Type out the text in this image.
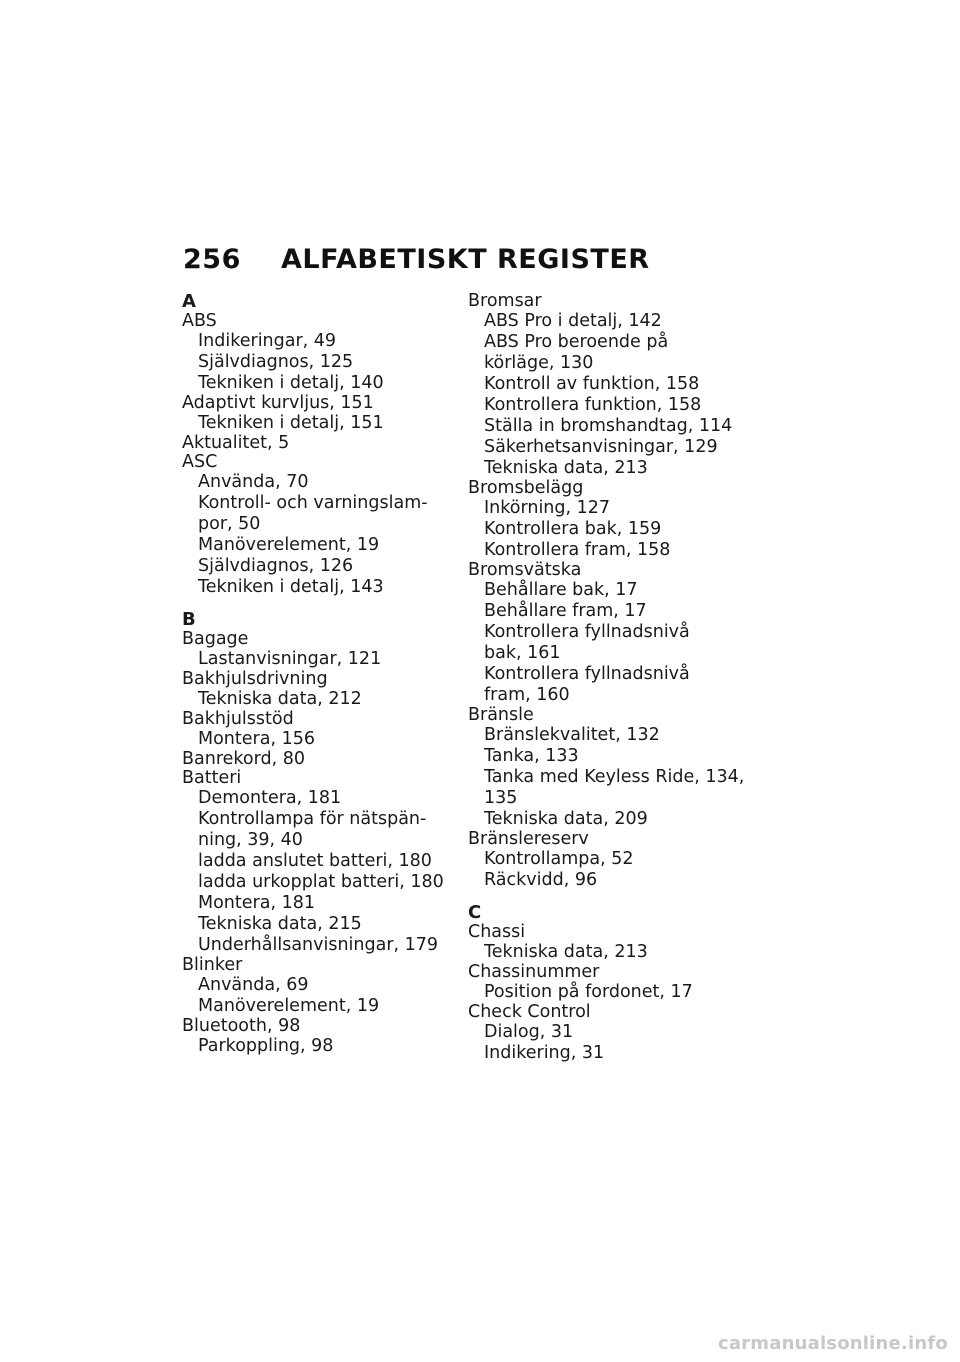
256	ALFABETISKT REGISTER
A
ABS
Indikeringar, 49
Självdiagnos, 125
Tekniken i detalj, 140
Adaptivt kurvljus, 151
Tekniken i detalj, 151
Aktualitet, 5
ASC
Använda, 70
Kontroll- och varningslam-
por, 50
Manöverelement, 19
Självdiagnos, 126
Tekniken i detalj, 143
B
Bagage
Lastanvisningar, 121
Bakhjulsdrivning
Tekniska data, 212
Bakhjulsstöd
Montera, 156
Banrekord, 80
Batteri
Demontera, 181
Kontrollampa för nätspän-
ning, 39, 40
ladda anslutet batteri, 180
ladda urkopplat batteri, 180
Montera, 181
Tekniska data, 215
Underhållsanvisningar, 179
Blinker
Använda, 69
Manöverelement, 19
Bluetooth, 98
Parkoppling, 98
Bromsar
ABS Pro i detalj, 142
ABS Pro beroende på
körläge, 130
Kontroll av funktion, 158
Kontrollera funktion, 158
Ställa in bromshandtag, 114
Säkerhetsanvisningar, 129
Tekniska data, 213
Bromsbelägg
Inkörning, 127
Kontrollera bak, 159
Kontrollera fram, 158
Bromsvätska
Behållare bak, 17
Behållare fram, 17
Kontrollera fyllnadsnivå
bak, 161
Kontrollera fyllnadsnivå
fram, 160
Bränsle
Bränslekvalitet, 132
Tanka, 133
Tanka med Keyless Ride, 134,
135
Tekniska data, 209
Bränslereserv
Kontrollampa, 52
Räckvidd, 96
C
Chassi
Tekniska data, 213
Chassinummer
Position på fordonet, 17
Check Control
Dialog, 31
Indikering, 31
carmanualsonline.info
